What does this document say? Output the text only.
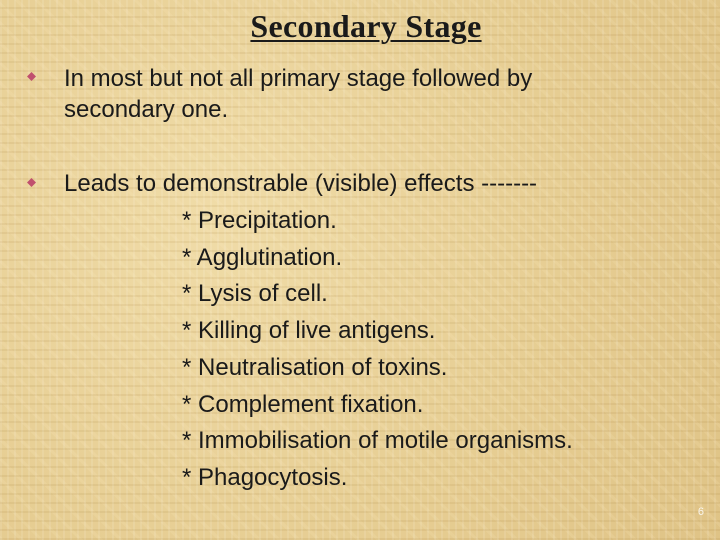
Secondary Stage
In most but not all primary stage followed by
secondary one.
Leads to demonstrable (visible) effects -------
* Precipitation.
* Agglutination.
* Lysis of cell.
* Killing of live antigens.
* Neutralisation of toxins.
* Complement fixation.
* Immobilisation of motile organisms.
* Phagocytosis.
6
